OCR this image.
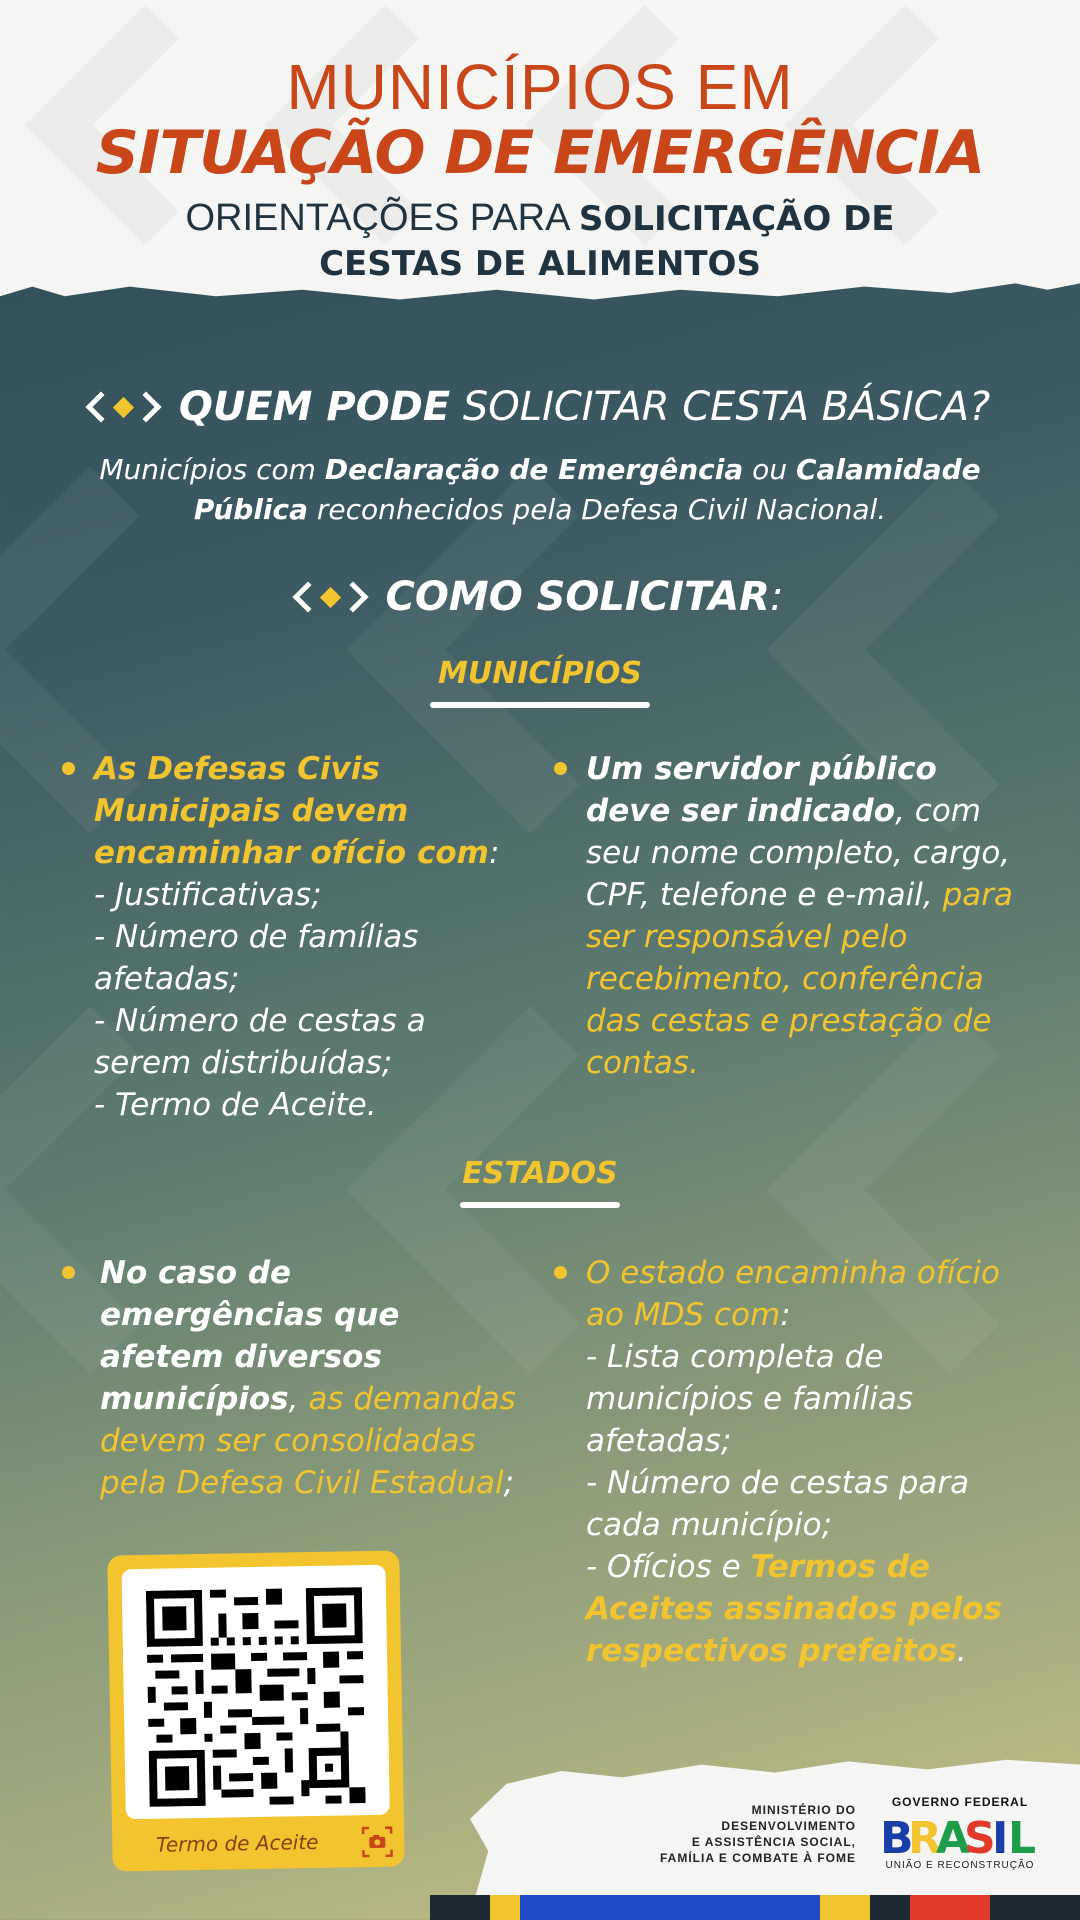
MUNICÍPIOS EM
SITUAÇÃO DE EMERGÊNCIA
ORIENTAÇÕES PARA SOLICITAÇÃO DE
CESTAS DE ALIMENTOS
QUEM PODE SOLICITAR CESTA BÁSICA?
Municípios com Declaração de Emergência ou Calamidade Pública reconhecidos pela Defesa Civil Nacional.
COMO SOLICITAR:
MUNICÍPIOS
As Defesas Civis Municipais devem encaminhar ofício com:
- Justificativas;
- Número de famílias afetadas;
- Número de cestas a serem distribuídas;
- Termo de Aceite.
Um servidor público deve ser indicado, com seu nome completo, cargo, CPF, telefone e e-mail, para ser responsável pelo recebimento, conferência das cestas e prestação de contas.
ESTADOS
No caso de emergências que afetem diversos municípios, as demandas devem ser consolidadas pela Defesa Civil Estadual;
O estado encaminha ofício ao MDS com:
- Lista completa de municípios e famílias afetadas;
- Número de cestas para cada município;
- Ofícios e Termos de Aceites assinados pelos respectivos prefeitos.
Termo de Aceite
MINISTÉRIO DO
DESENVOLVIMENTO
E ASSISTÊNCIA SOCIAL,
FAMÍLIA E COMBATE À FOME
GOVERNO FEDERAL
B
R
A
S
I L
UNIÃO E RECONSTRUÇÃO
